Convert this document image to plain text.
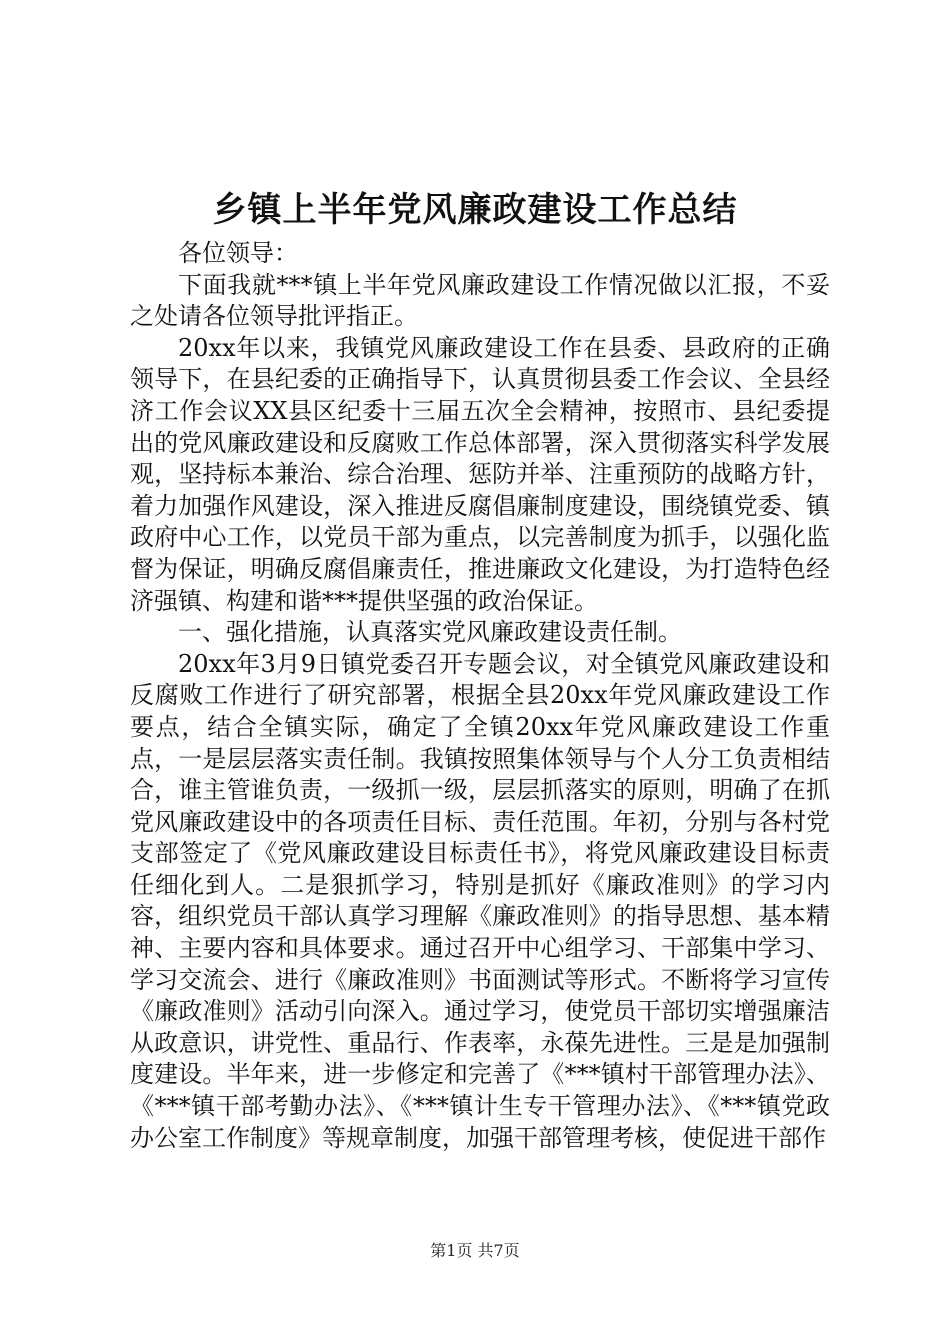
乡镇上半年党风廉政建设工作总结

各位领导：

下面我就***镇上半年党风廉政建设工作情况做以汇报，不妥之处请各位领导批评指正。

20xx年以来，我镇党风廉政建设工作在县委、县政府的正确领导下，在县纪委的正确指导下，认真贯彻县委工作会议、全县经济工作会议XX县区纪委十三届五次全会精神，按照市、县纪委提出的党风廉政建设和反腐败工作总体部署，深入贯彻落实科学发展观，坚持标本兼治、综合治理、惩防并举、注重预防的战略方针，着力加强作风建设，深入推进反腐倡廉制度建设，围绕镇党委、镇政府中心工作，以党员干部为重点，以完善制度为抓手，以强化监督为保证，明确反腐倡廉责任，推进廉政文化建设，为打造特色经济强镇、构建和谐***提供坚强的政治保证。

一、强化措施，认真落实党风廉政建设责任制。

20xx年3月9日镇党委召开专题会议，对全镇党风廉政建设和反腐败工作进行了研究部署，根据全县20xx年党风廉政建设工作要点，结合全镇实际，确定了全镇20xx年党风廉政建设工作重点，一是层层落实责任制。我镇按照集体领导与个人分工负责相结合，谁主管谁负责，一级抓一级，层层抓落实的原则，明确了在抓党风廉政建设中的各项责任目标、责任范围。年初，分别与各村党支部签定了《党风廉政建设目标责任书》，将党风廉政建设目标责任细化到人。二是狠抓学习，特别是抓好《廉政准则》的学习内容，组织党员干部认真学习理解《廉政准则》的指导思想、基本精神、主要内容和具体要求。通过召开中心组学习、干部集中学习、学习交流会、进行《廉政准则》书面测试等形式。不断将学习宣传《廉政准则》活动引向深入。通过学习，使党员干部切实增强廉洁从政意识，讲党性、重品行、作表率，永葆先进性。三是是加强制度建设。半年来，进一步修定和完善了《***镇村干部管理办法》、《***镇干部考勤办法》、《***镇计生专干管理办法》、《***镇党政办公室工作制度》等规章制度，加强干部管理考核，使促进干部作

第1页 共7页
